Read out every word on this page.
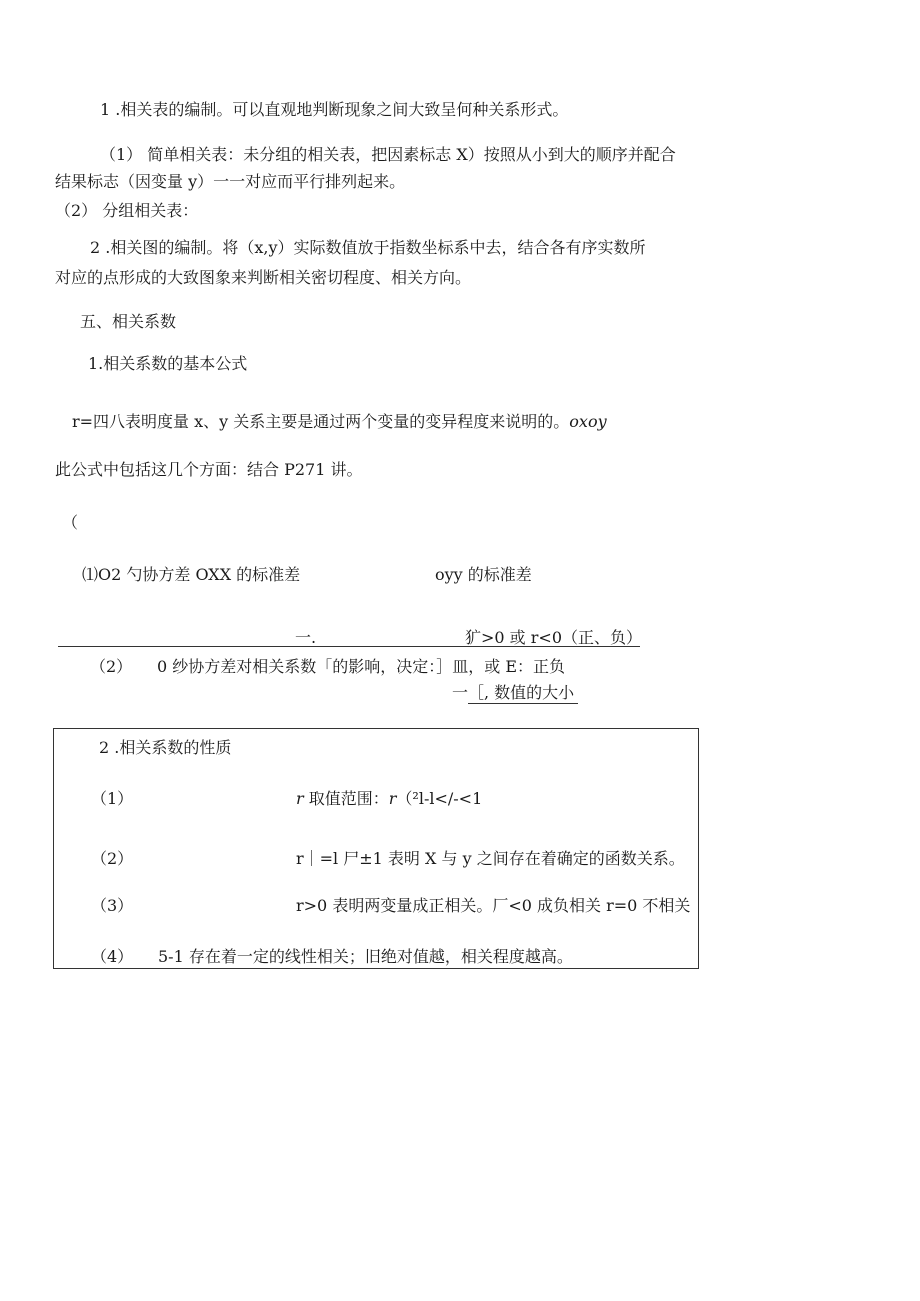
1 .相关表的编制。可以直观地判断现象之间大致呈何种关系形式。
（1） 简单相关表：未分组的相关表，把因素标志 X）按照从小到大的顺序并配合
结果标志（因变量 y）一一对应而平行排列起来。
（2） 分组相关表：
2 .相关图的编制。将（x,y）实际数值放于指数坐标系中去，结合各有序实数所
对应的点形成的大致图象来判断相关密切程度、相关方向。
五、相关系数
1.相关系数的基本公式
r=四八表明度量 x、y 关系主要是通过两个变量的变异程度来说明的。oxoy
此公式中包括这几个方面：结合 P271 讲。
（
⑴O2 勺协方差 OXX 的标准差	oyy 的标准差
一.	犷>0 或 r<0（正、负）
（2） 0 纱协方差对相关系数「的影响，决定：］皿，或 E：正负
一［, 数值的大小
2 .相关系数的性质
（1）	r 取值范围：r（²l-l</-<1
（2）	r｜=l 尸±1 表明 X 与 y 之间存在着确定的函数关系。
（3）	r>0 表明两变量成正相关。厂<0 成负相关 r=0 不相关
（4） 5-1 存在着一定的线性相关；旧绝对值越，相关程度越高。
